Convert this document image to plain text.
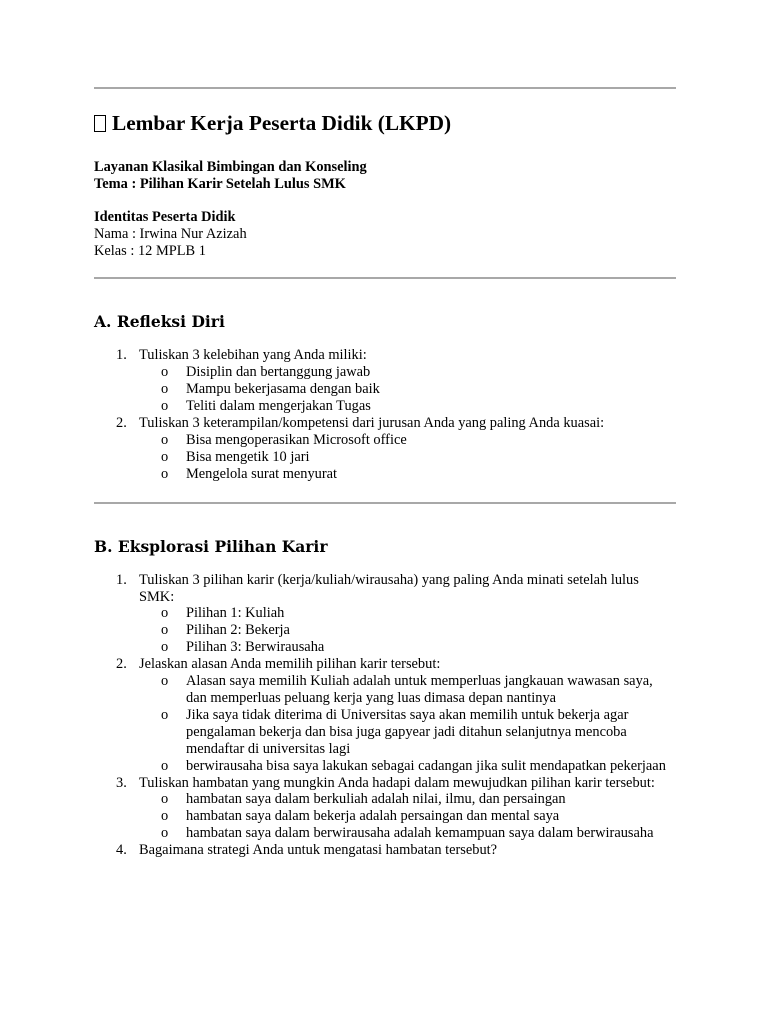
Lembar Kerja Peserta Didik (LKPD)
Layanan Klasikal Bimbingan dan Konseling
Tema : Pilihan Karir Setelah Lulus SMK
Identitas Peserta Didik
Nama : Irwina Nur Azizah
Kelas : 12 MPLB 1
A. Refleksi Diri
1. Tuliskan 3 kelebihan yang Anda miliki:
o Disiplin dan bertanggung jawab
o Mampu bekerjasama dengan baik
o Teliti dalam mengerjakan Tugas
2. Tuliskan 3 keterampilan/kompetensi dari jurusan Anda yang paling Anda kuasai:
o Bisa mengoperasikan Microsoft office
o Bisa mengetik 10 jari
o Mengelola surat menyurat
B. Eksplorasi Pilihan Karir
1. Tuliskan 3 pilihan karir (kerja/kuliah/wirausaha) yang paling Anda minati setelah lulus SMK:
o Pilihan 1: Kuliah
o Pilihan 2: Bekerja
o Pilihan 3: Berwirausaha
2. Jelaskan alasan Anda memilih pilihan karir tersebut:
o Alasan saya memilih Kuliah adalah untuk memperluas jangkauan wawasan saya, dan memperluas peluang kerja yang luas dimasa depan nantinya
o Jika saya tidak diterima di Universitas saya akan memilih untuk bekerja agar pengalaman bekerja dan bisa juga gapyear jadi ditahun selanjutnya mencoba mendaftar di universitas lagi
o berwirausaha bisa saya lakukan sebagai cadangan jika sulit mendapatkan pekerjaan
3. Tuliskan hambatan yang mungkin Anda hadapi dalam mewujudkan pilihan karir tersebut:
o hambatan saya dalam berkuliah adalah nilai, ilmu, dan persaingan
o hambatan saya dalam bekerja adalah persaingan dan mental saya
o hambatan saya dalam berwirausaha adalah kemampuan saya dalam berwirausaha
4. Bagaimana strategi Anda untuk mengatasi hambatan tersebut?
